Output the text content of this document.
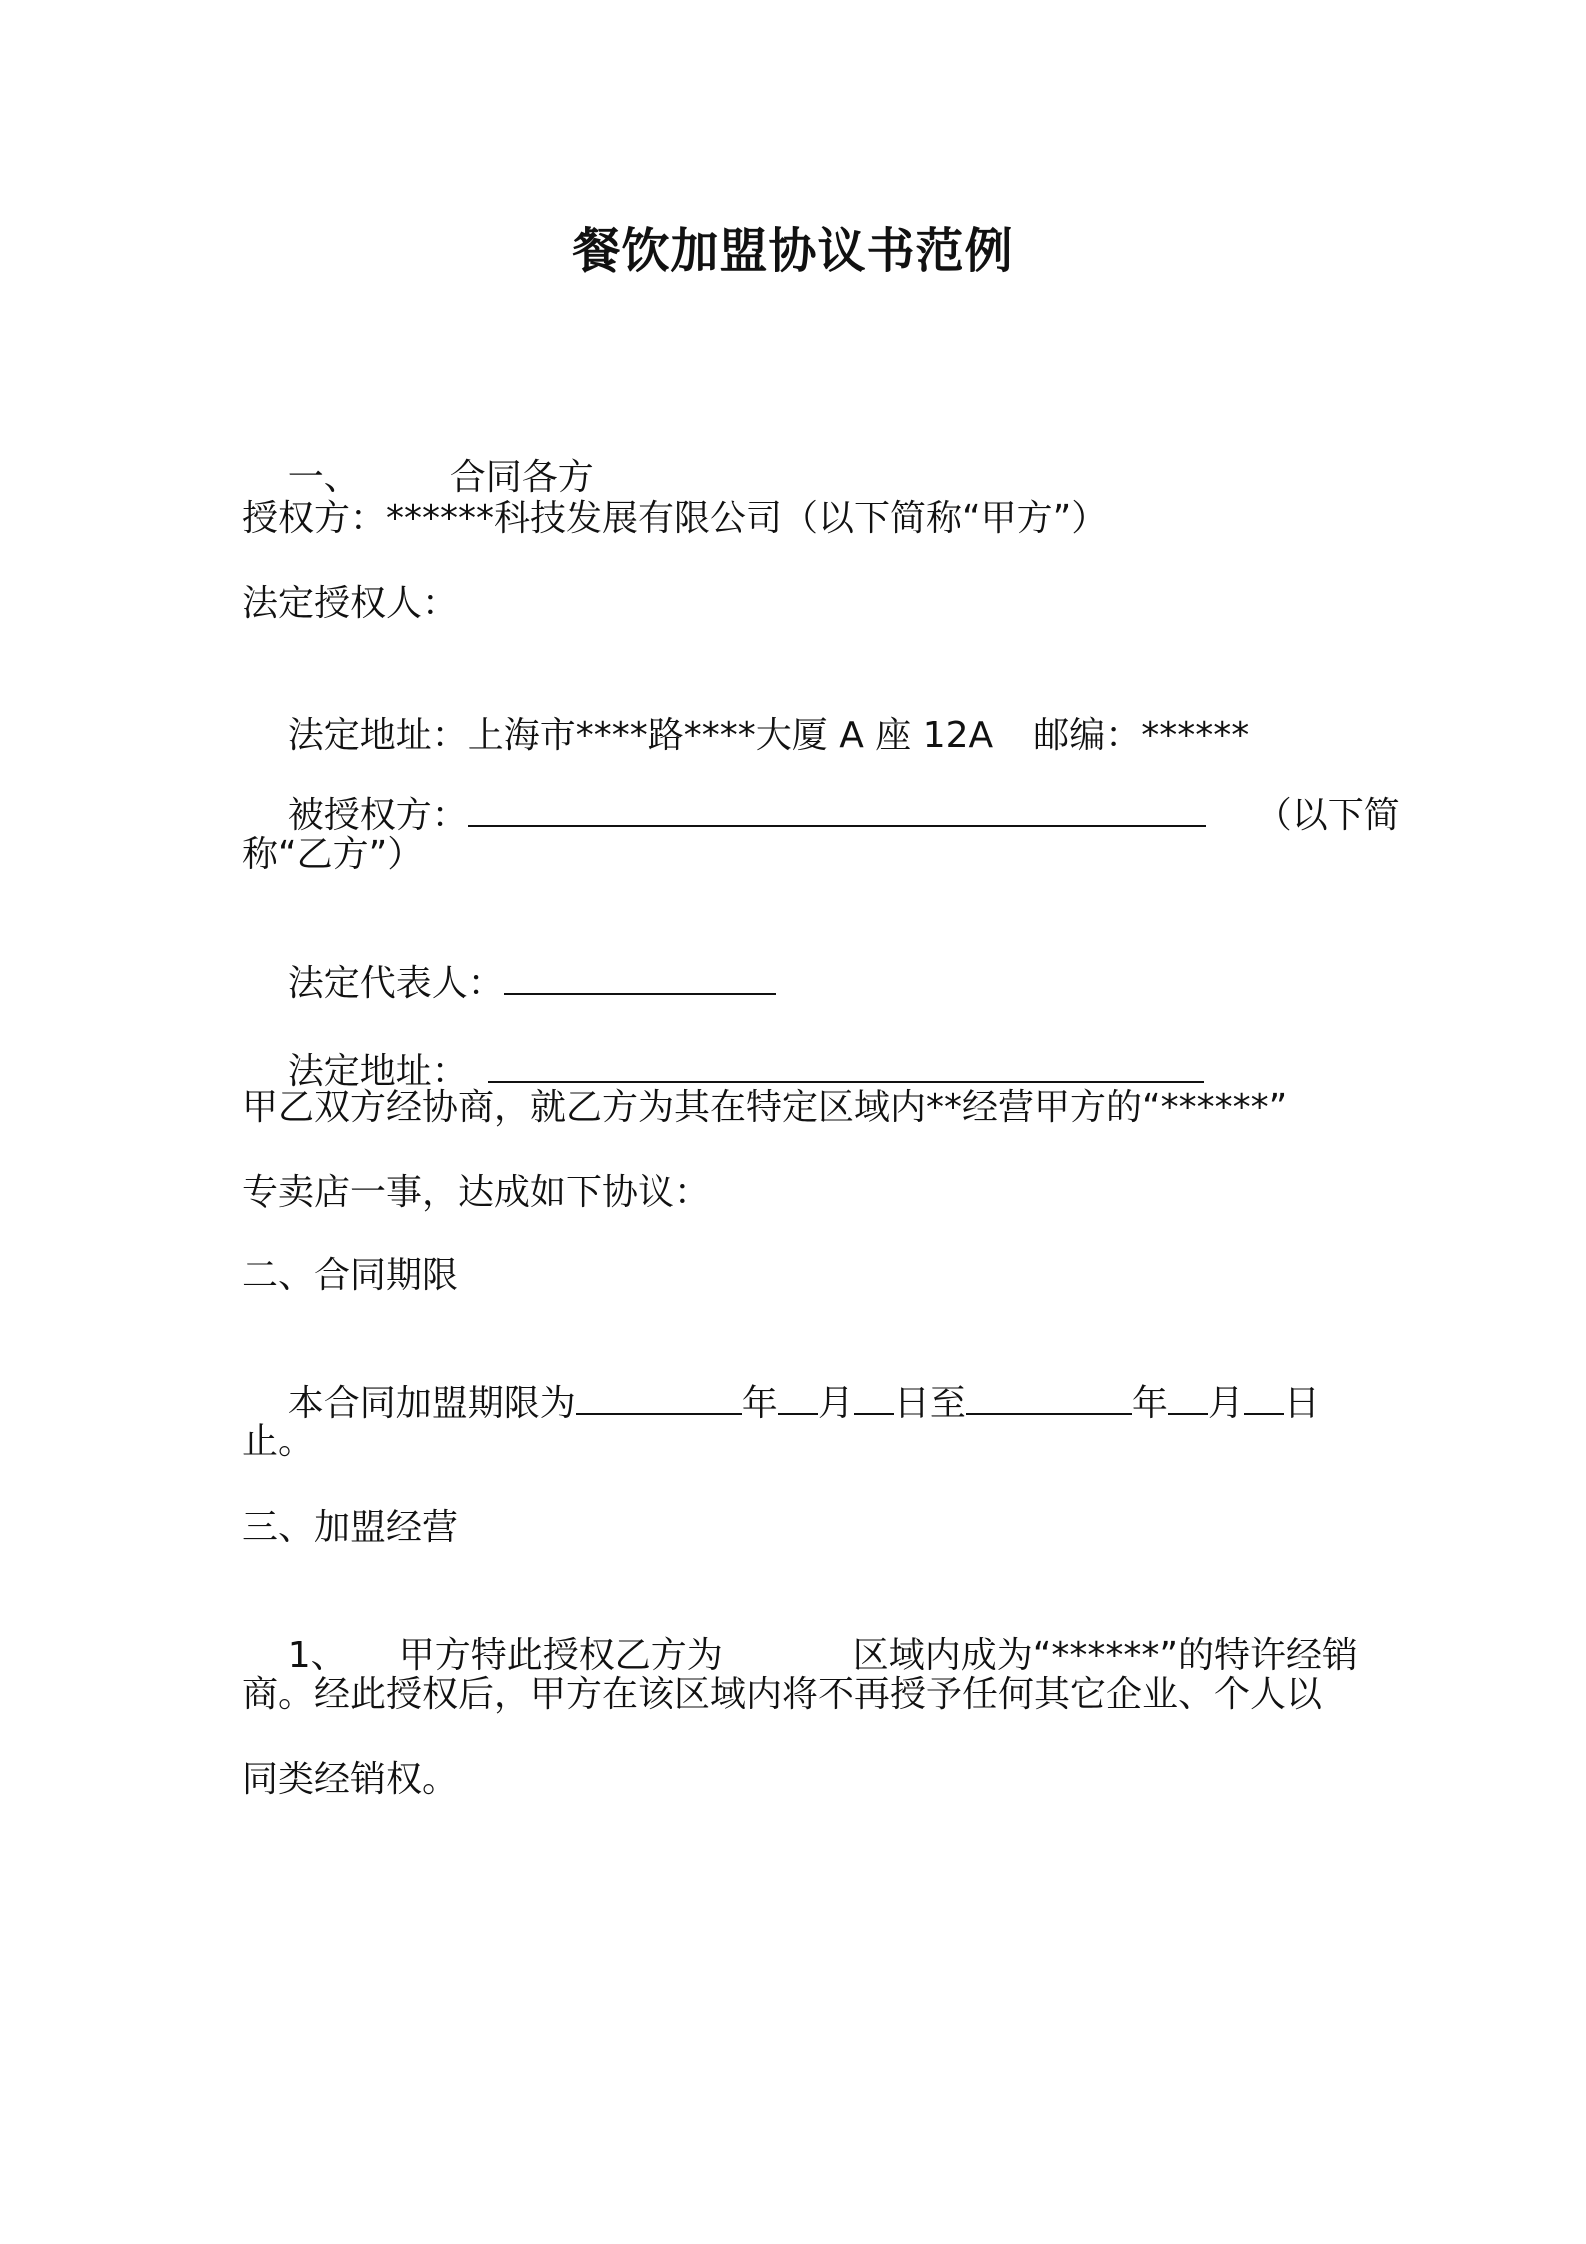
餐饮加盟协议书范例

一、	合同各方

授权方：******科技发展有限公司（以下简称“甲方”）
法定授权人：

法定地址：上海市****路****大厦 A 座 12A 邮编：******

被授权方：	（以下简

称“乙方”）

法定代表人：

法定地址：

甲乙双方经协商，就乙方为其在特定区域内**经营甲方的“******”
专卖店一事，达成如下协议：
二、合同期限

本合同加盟期限为	年 月 日至	年 月 日

止。
三、加盟经营

1、 甲方特此授权乙方为	区域内成为“******”的特许经销

商。经此授权后，甲方在该区域内将不再授予任何其它企业、个人以
同类经销权。
